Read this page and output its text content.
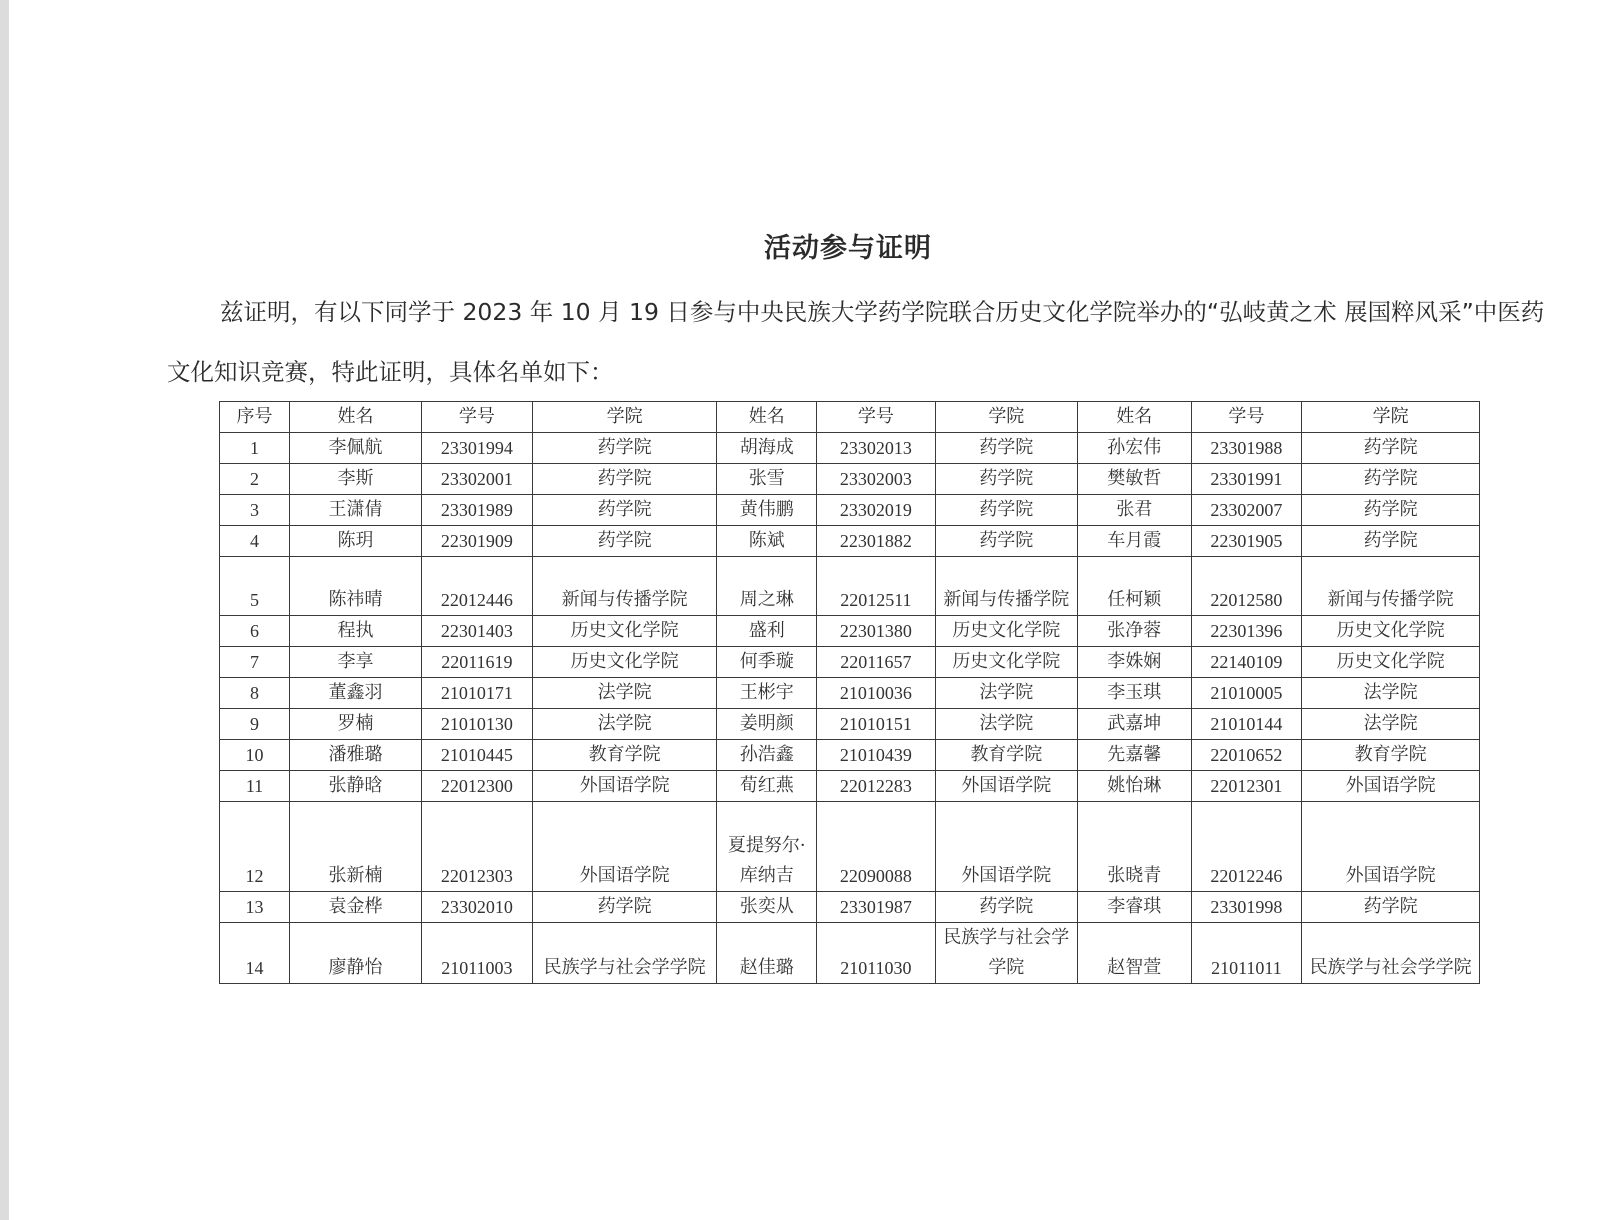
活动参与证明

兹证明，有以下同学于 2023 年 10 月 19 日参与中央民族大学药学院联合历史文化学院举办的“弘岐黄之术 展国粹风采”中医药文化知识竞赛，特此证明，具体名单如下：

序号	姓名	学号	学院	姓名	学号	学院	姓名	学号	学院
1	李佩航	23301994	药学院	胡海成	23302013	药学院	孙宏伟	23301988	药学院
2	李斯	23302001	药学院	张雪	23302003	药学院	樊敏哲	23301991	药学院
3	王潇倩	23301989	药学院	黄伟鹏	23302019	药学院	张君	23302007	药学院
4	陈玥	22301909	药学院	陈斌	22301882	药学院	车月霞	22301905	药学院
5	陈祎晴	22012446	新闻与传播学院	周之琳	22012511	新闻与传播学院	任柯颖	22012580	新闻与传播学院
6	程执	22301403	历史文化学院	盛利	22301380	历史文化学院	张净蓉	22301396	历史文化学院
7	李享	22011619	历史文化学院	何季璇	22011657	历史文化学院	李姝娴	22140109	历史文化学院
8	董鑫羽	21010171	法学院	王彬宇	21010036	法学院	李玉琪	21010005	法学院
9	罗楠	21010130	法学院	姜明颜	21010151	法学院	武嘉坤	21010144	法学院
10	潘雅璐	21010445	教育学院	孙浩鑫	21010439	教育学院	先嘉馨	22010652	教育学院
11	张静晗	22012300	外国语学院	荀红燕	22012283	外国语学院	姚怡琳	22012301	外国语学院
12	张新楠	22012303	外国语学院	夏提努尔·库纳吉	22090088	外国语学院	张晓青	22012246	外国语学院
13	袁金桦	23302010	药学院	张奕从	23301987	药学院	李睿琪	23301998	药学院
14	廖静怡	21011003	民族学与社会学学院	赵佳璐	21011030	民族学与社会学学院	赵智萱	21011011	民族学与社会学学院
